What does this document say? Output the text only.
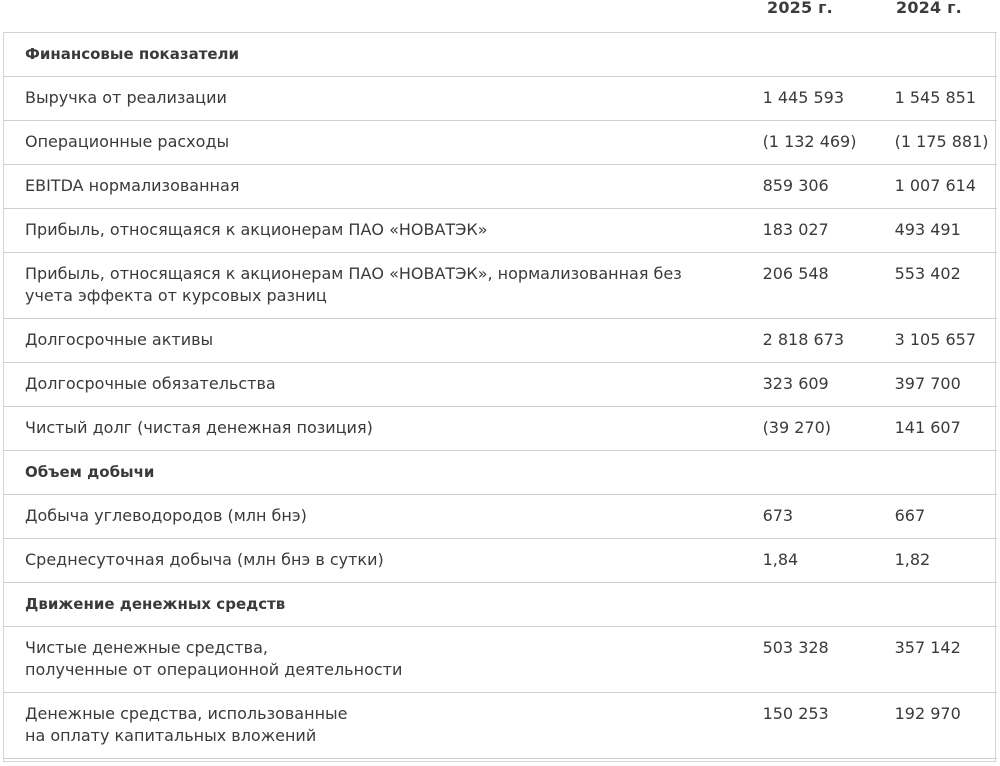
2025 г.	2024 г.
Финансовые показатели		
Выручка от реализации	1 445 593	1 545 851
Операционные расходы	(1 132 469)	(1 175 881)
EBITDA нормализованная	859 306	1 007 614
Прибыль, относящаяся к акционерам ПАО «НОВАТЭК»	183 027	493 491
Прибыль, относящаяся к акционерам ПАО «НОВАТЭК», нормализованная без
учета эффекта от курсовых разниц	206 548	553 402
Долгосрочные активы	2 818 673	3 105 657
Долгосрочные обязательства	323 609	397 700
Чистый долг (чистая денежная позиция)	(39 270)	141 607
Объем добычи		
Добыча углеводородов (млн бнэ)	673	667
Среднесуточная добыча (млн бнэ в сутки)	1,84	1,82
Движение денежных средств		
Чистые денежные средства,
полученные от операционной деятельности	503 328	357 142
Денежные средства, использованные
на оплату капитальных вложений	150 253	192 970
